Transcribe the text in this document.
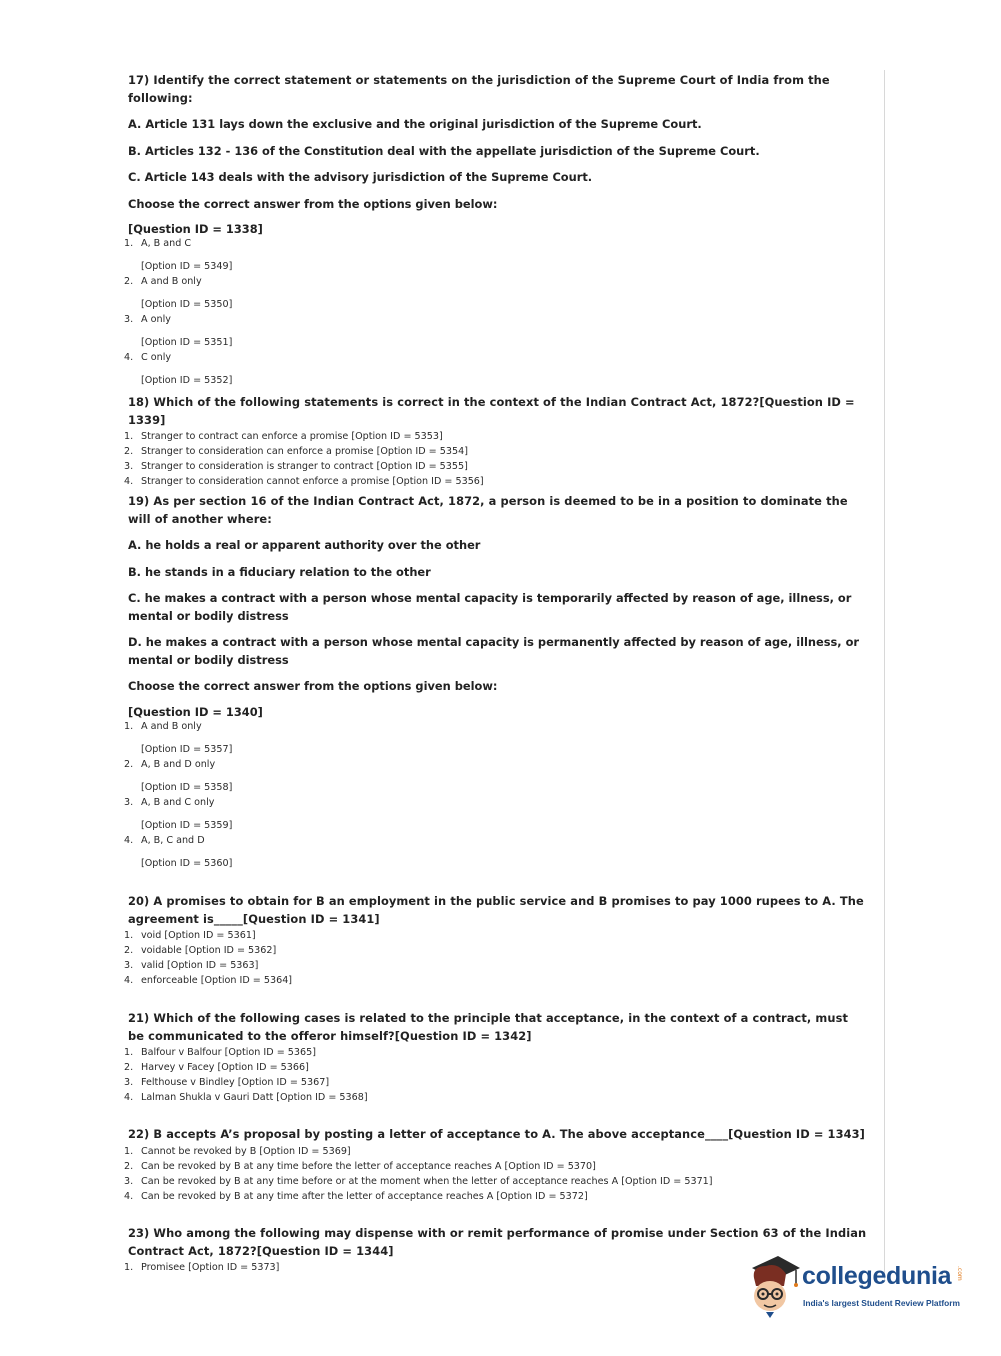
17) Identify the correct statement or statements on the jurisdiction of the Supreme Court of India from the following:

A. Article 131 lays down the exclusive and the original jurisdiction of the Supreme Court.

B. Articles 132 - 136 of the Constitution deal with the appellate jurisdiction of the Supreme Court.

C. Article 143 deals with the advisory jurisdiction of the Supreme Court.

Choose the correct answer from the options given below:

[Question ID = 1338]

1. A, B and C
[Option ID = 5349]
2. A and B only
[Option ID = 5350]
3. A only
[Option ID = 5351]
4. C only
[Option ID = 5352]

18) Which of the following statements is correct in the context of the Indian Contract Act, 1872?[Question ID = 1339]

1. Stranger to contract can enforce a promise [Option ID = 5353]
2. Stranger to consideration can enforce a promise [Option ID = 5354]
3. Stranger to consideration is stranger to contract [Option ID = 5355]
4. Stranger to consideration cannot enforce a promise [Option ID = 5356]

19) As per section 16 of the Indian Contract Act, 1872, a person is deemed to be in a position to dominate the will of another where:

A. he holds a real or apparent authority over the other

B. he stands in a fiduciary relation to the other

C. he makes a contract with a person whose mental capacity is temporarily affected by reason of age, illness, or mental or bodily distress

D. he makes a contract with a person whose mental capacity is permanently affected by reason of age, illness, or mental or bodily distress

Choose the correct answer from the options given below:

[Question ID = 1340]

1. A and B only
[Option ID = 5357]
2. A, B and D only
[Option ID = 5358]
3. A, B and C only
[Option ID = 5359]
4. A, B, C and D
[Option ID = 5360]

20) A promises to obtain for B an employment in the public service and B promises to pay 1000 rupees to A. The agreement is_____[Question ID = 1341]

1. void [Option ID = 5361]
2. voidable [Option ID = 5362]
3. valid [Option ID = 5363]
4. enforceable [Option ID = 5364]

21) Which of the following cases is related to the principle that acceptance, in the context of a contract, must be communicated to the offeror himself?[Question ID = 1342]

1. Balfour v Balfour [Option ID = 5365]
2. Harvey v Facey [Option ID = 5366]
3. Felthouse v Bindley [Option ID = 5367]
4. Lalman Shukla v Gauri Datt [Option ID = 5368]

22) B accepts A’s proposal by posting a letter of acceptance to A. The above acceptance____[Question ID = 1343]

1. Cannot be revoked by B [Option ID = 5369]
2. Can be revoked by B at any time before the letter of acceptance reaches A [Option ID = 5370]
3. Can be revoked by B at any time before or at the moment when the letter of acceptance reaches A [Option ID = 5371]
4. Can be revoked by B at any time after the letter of acceptance reaches A [Option ID = 5372]

23) Who among the following may dispense with or remit performance of promise under Section 63 of the Indian Contract Act, 1872?[Question ID = 1344]

1. Promisee [Option ID = 5373]	collegedunia .com
India's largest Student Review Platform
